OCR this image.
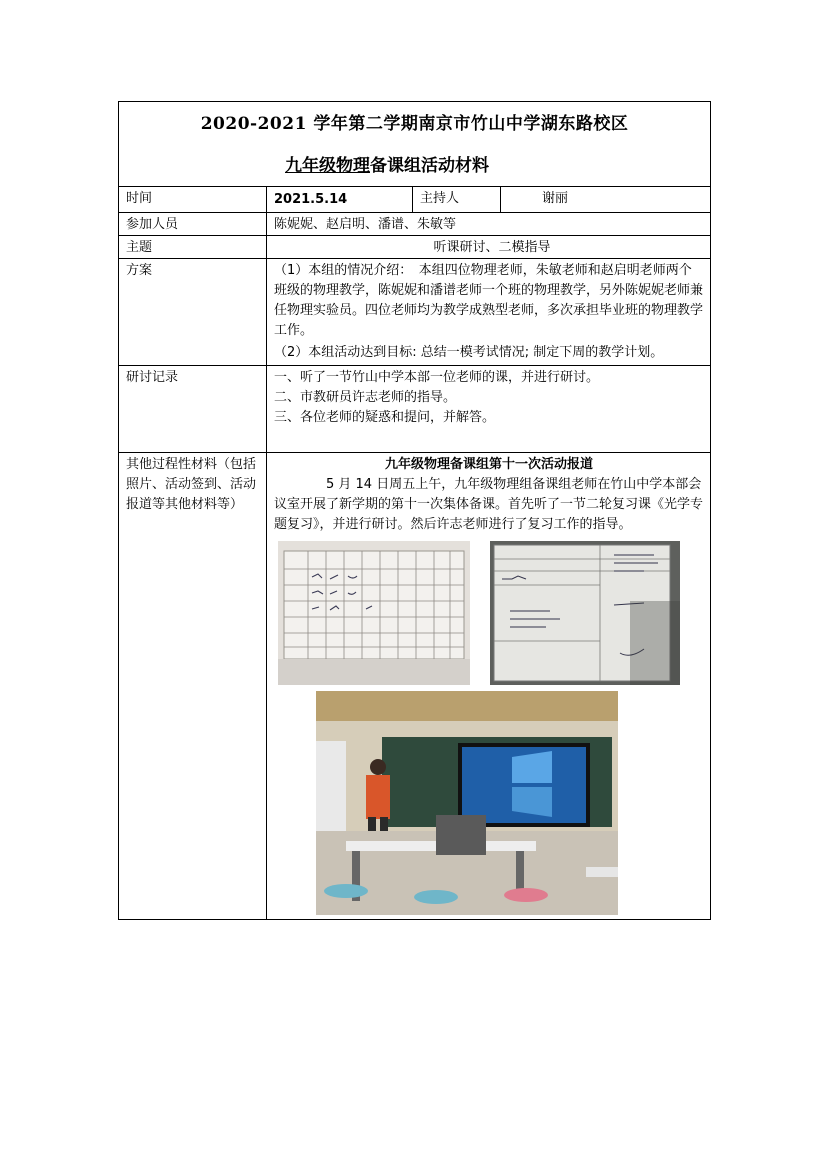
2020-2021 学年第二学期南京市竹山中学湖东路校区
九年级物理备课组活动材料			

时间	2021.5.14	主持人	谢丽
参加人员	陈妮妮、赵启明、潘谱、朱敏等		
主题	听课研讨、二模指导		
方案	（1）本组的情况介绍：　本组四位物理老师，朱敏老师和赵启明老师两个班级的物理教学，陈妮妮和潘谱老师一个班的物理教学，另外陈妮妮老师兼任物理实验员。四位老师均为教学成熟型老师，多次承担毕业班的物理教学工作。

（2）本组活动达到目标: 总结一模考试情况; 制定下周的教学计划。		

研讨记录	一、听了一节竹山中学本部一位老师的课，并进行研讨。

二、市教研员许志老师的指导。

三、各位老师的疑惑和提问，并解答。		

其他过程性材料（包括照片、活动签到、活动报道等其他材料等）	九年级物理备课组第十一次活动报道

5 月 14 日周五上午，九年级物理组备课组老师在竹山中学本部会议室开展了新学期的第十一次集体备课。首先听了一节二轮复习课《光学专题复习》，并进行研讨。然后许志老师进行了复习工作的指导。		
